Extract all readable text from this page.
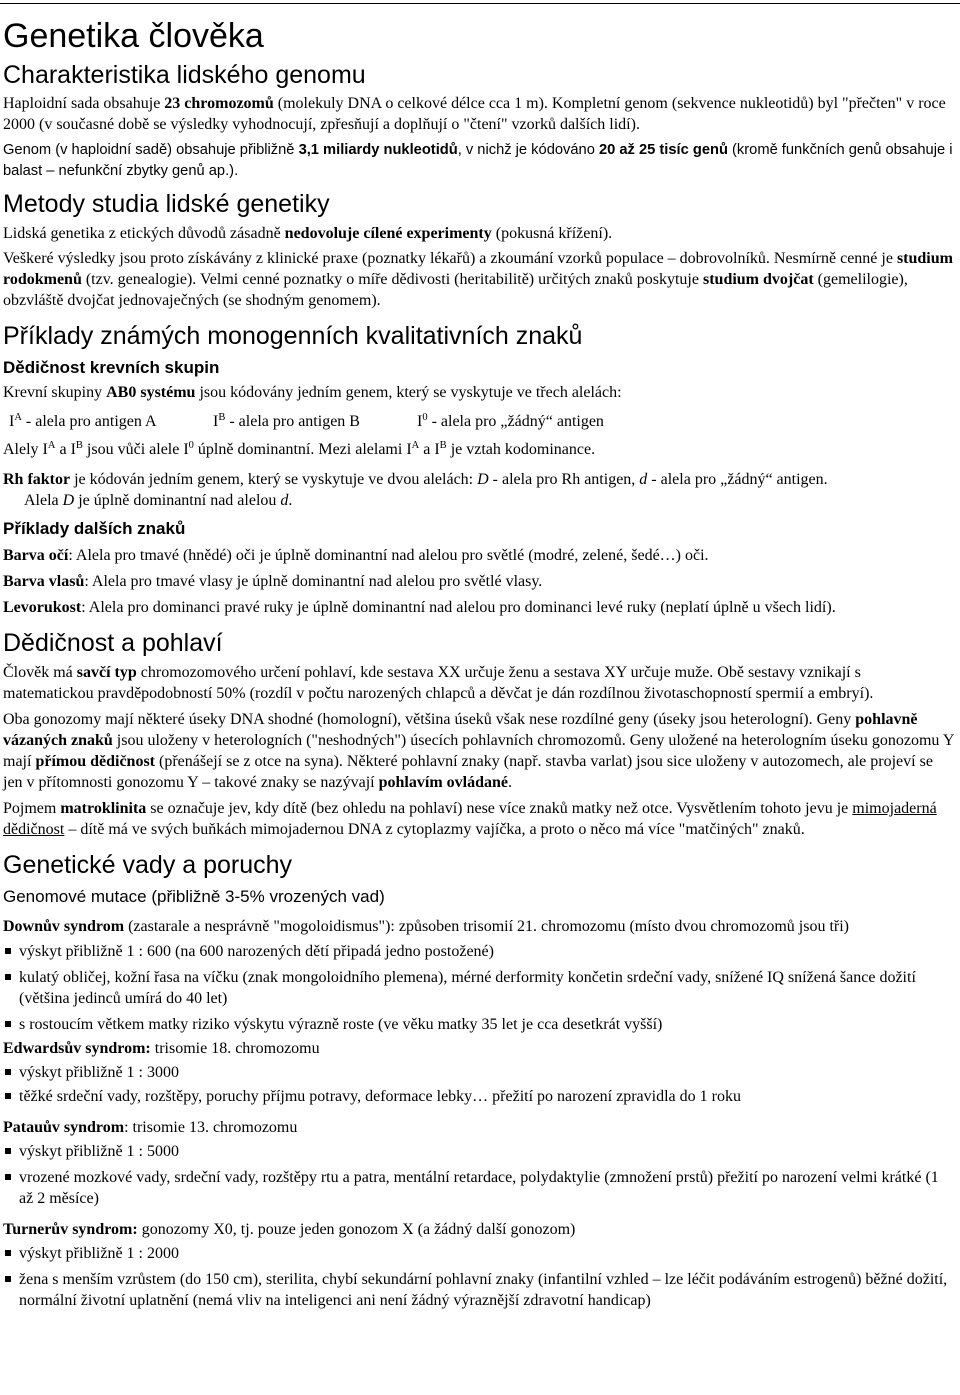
Genetika člověka
Charakteristika lidského genomu

Haploidní sada obsahuje 23 chromozomů (molekuly DNA o celkové délce cca 1 m). Kompletní genom (sekvence nukleotidů) byl "přečten" v roce 2000 (v současné době se výsledky vyhodnocují, zpřesňují a doplňují o "čtení" vzorků dalších lidí).

Genom (v haploidní sadě) obsahuje přibližně 3,1 miliardy nukleotidů, v nichž je kódováno 20 až 25 tisíc genů (kromě funkčních genů obsahuje i balast – nefunkční zbytky genů ap.).

Metody studia lidské genetiky

Lidská genetika z etických důvodů zásadně nedovoluje cílené experimenty (pokusná křížení).

Veškeré výsledky jsou proto získávány z klinické praxe (poznatky lékařů) a zkoumání vzorků populace – dobrovolníků. Nesmírně cenné je studium rodokmenů (tzv. genealogie). Velmi cenné poznatky o míře dědivosti (heritabilitě) určitých znaků poskytuje studium dvojčat (gemelilogie), obzvláště dvojčat jednovaječných (se shodným genomem).

Příklady známých monogenních kvalitativních znaků
Dědičnost krevních skupin

Krevní skupiny AB0 systému jsou kódovány jedním genem, který se vyskytuje ve třech alelách:

$I^A$ - alela pro antigen A	$I^B$ - alela pro antigen B	$I^0$ - alela pro „žádný“ antigen

Alely $I^A$ a $I^B$ jsou vůči alele $I^0$ úplně dominantní. Mezi alelami $I^A$ a $I^B$ je vztah kodominance.

Rh faktor je kódován jedním genem, který se vyskytuje ve dvou alelách: D - alela pro Rh antigen, d - alela pro „žádný“ antigen.

Alela D je úplně dominantní nad alelou d.

Příklady dalších znaků

Barva očí: Alela pro tmavé (hnědé) oči je úplně dominantní nad alelou pro světlé (modré, zelené, šedé…) oči.

Barva vlasů: Alela pro tmavé vlasy je úplně dominantní nad alelou pro světlé vlasy.

Levorukost: Alela pro dominanci pravé ruky je úplně dominantní nad alelou pro dominanci levé ruky (neplatí úplně u všech lidí).

Dědičnost a pohlaví

Člověk má savčí typ chromozomového určení pohlaví, kde sestava XX určuje ženu a sestava XY určuje muže. Obě sestavy vznikají s matematickou pravděpodobností 50% (rozdíl v počtu narozených chlapců a děvčat je dán rozdílnou životaschopností spermií a embryí).

Oba gonozomy mají některé úseky DNA shodné (homologní), většina úseků však nese rozdílné geny (úseky jsou heterologní). Geny pohlavně vázaných znaků jsou uloženy v heterologních ("neshodných") úsecích pohlavních chromozomů. Geny uložené na heterologním úseku gonozomu Y mají přímou dědičnost (přenášejí se z otce na syna). Některé pohlavní znaky (např. stavba varlat) jsou sice uloženy v autozomech, ale projeví se jen v přítomnosti gonozomu Y – takové znaky se nazývají pohlavím ovládané.

Pojmem matroklinita se označuje jev, kdy dítě (bez ohledu na pohlaví) nese více znaků matky než otce. Vysvětlením tohoto jevu je mimojaderná dědičnost – dítě má ve svých buňkách mimojadernou DNA z cytoplazmy vajíčka, a proto o něco má více "matčiných" znaků.

Genetické vady a poruchy
Genomové mutace (přibližně 3-5% vrozených vad)

Downův syndrom (zastarale a nesprávně "mogoloidismus"): způsoben trisomií 21. chromozomu (místo dvou chromozomů jsou tři)

výskyt přibližně 1 : 600 (na 600 narozených dětí připadá jedno postožené)
kulatý obličej, kožní řasa na víčku (znak mongoloidního plemena), mérné derformity končetin srdeční vady, snížené IQ snížená šance dožití (většina jedinců umírá do 40 let)
s rostoucím větkem matky riziko výskytu výrazně roste (ve věku matky 35 let je cca desetkrát vyšší)

Edwardsův syndrom: trisomie 18. chromozomu

výskyt přibližně 1 : 3000
těžké srdeční vady, rozštěpy, poruchy příjmu potravy, deformace lebky… přežití po narození zpravidla do 1 roku

Patauův syndrom: trisomie 13. chromozomu

výskyt přibližně 1 : 5000
vrozené mozkové vady, srdeční vady, rozštěpy rtu a patra, mentální retardace, polydaktylie (zmnožení prstů) přežití po narození velmi krátké (1 až 2 měsíce)

Turnerův syndrom: gonozomy X0, tj. pouze jeden gonozom X (a žádný další gonozom)

výskyt přibližně 1 : 2000
žena s menším vzrůstem (do 150 cm), sterilita, chybí sekundární pohlavní znaky (infantilní vzhled – lze léčit podáváním estrogenů) běžné dožití, normální životní uplatnění (nemá vliv na inteligenci ani není žádný výraznější zdravotní handicap)
